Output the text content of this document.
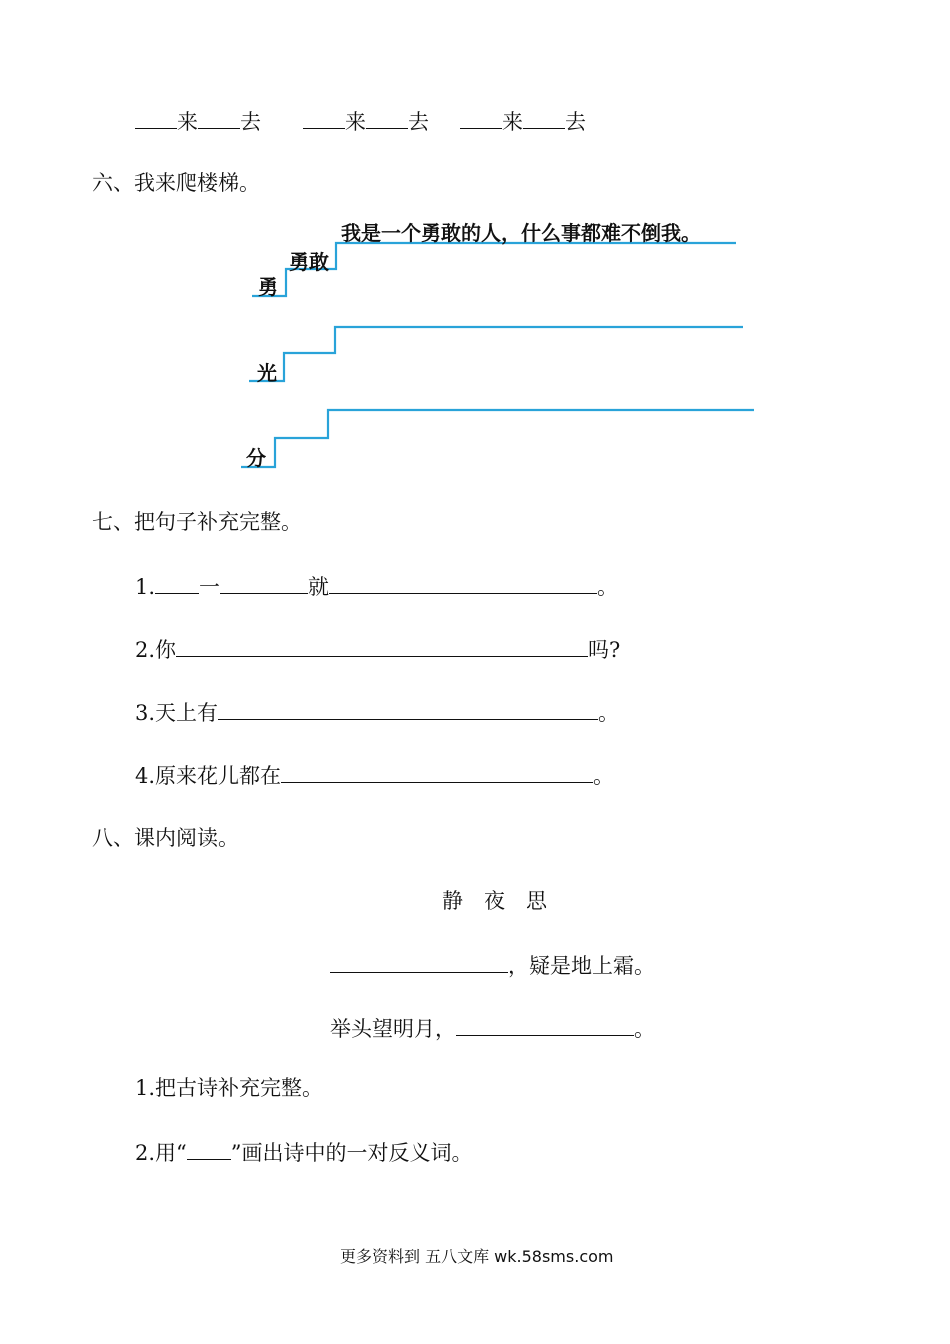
来 去	来 去	来 去
六、我来爬楼梯。
勇
勇敢
我是一个勇敢的人，什么事都难不倒我。
光
分
七、把句子补充完整。
1. 一	就	。
2.你	吗?
3.天上有	。
4.原来花儿都在	。
八、课内阅读。
静　夜　思
，疑是地上霜。
举头望明月，	。
1.把古诗补充完整。
2.用“ ”画出诗中的一对反义词。
更多资料到 五八文库 wk.58sms.com
